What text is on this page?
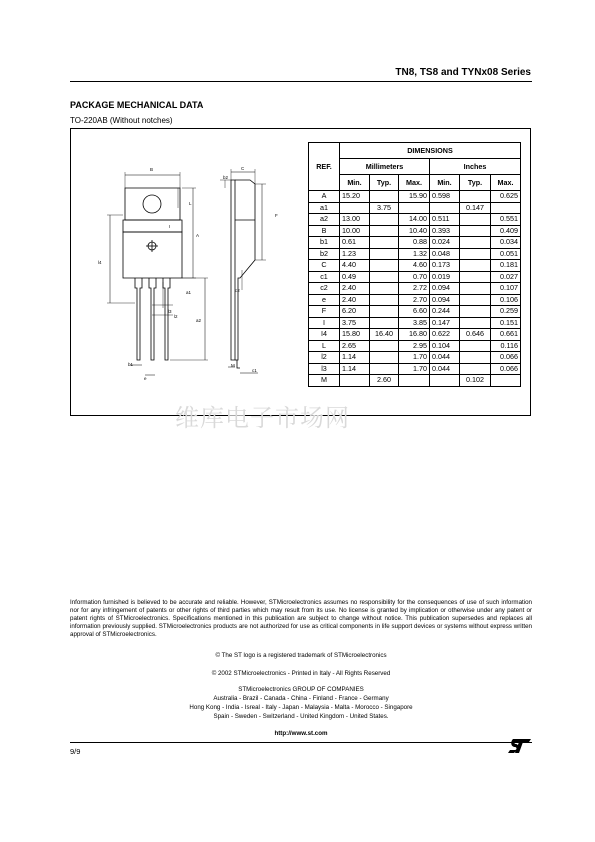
TN8, TS8 and TYNx08 Series
PACKAGE MECHANICAL DATA
TO-220AB (Without notches)
B
L
I
A
l4
a1
l3
l2
a2
b1
e
b2
C
F
c2
M
c1
REF.	DIMENSIONS					
	Millimeters			Inches		
	Min.	Typ.	Max.	Min.	Typ.	Max.
A	15.20		15.90	0.598		0.625
a1		3.75			0.147	
a2	13.00		14.00	0.511		0.551
B	10.00		10.40	0.393		0.409
b1	0.61		0.88	0.024		0.034
b2	1.23		1.32	0.048		0.051
C	4.40		4.60	0.173		0.181
c1	0.49		0.70	0.019		0.027
c2	2.40		2.72	0.094		0.107
e	2.40		2.70	0.094		0.106
F	6.20		6.60	0.244		0.259
I	3.75		3.85	0.147		0.151
I4	15.80	16.40	16.80	0.622	0.646	0.661
L	2.65		2.95	0.104		0.116
l2	1.14		1.70	0.044		0.066
l3	1.14		1.70	0.044		0.066
M		2.60			0.102	
维库电子市场网
Information furnished is believed to be accurate and reliable. However, STMicroelectronics assumes no responsibility for the consequences of use of such information nor for any infringement of patents or other rights of third parties which may result from its use. No license is granted by implication or otherwise under any patent or patent rights of STMicroelectronics. Specifications mentioned in this publication are subject to change without notice. This publication supersedes and replaces all information previously supplied. STMicroelectronics products are not authorized for use as critical components in life support devices or systems without express written approval of STMicroelectronics.
© The ST logo is a registered trademark of STMicroelectronics
© 2002 STMicroelectronics - Printed in Italy - All Rights Reserved
STMicroelectronics GROUP OF COMPANIES
Australia - Brazil - Canada - China - Finland - France - Germany
Hong Kong - India - Isreal - Italy - Japan - Malaysia - Malta - Morocco - Singapore
Spain - Sweden - Switzerland - United Kingdom - United States.
http://www.st.com
9/9
